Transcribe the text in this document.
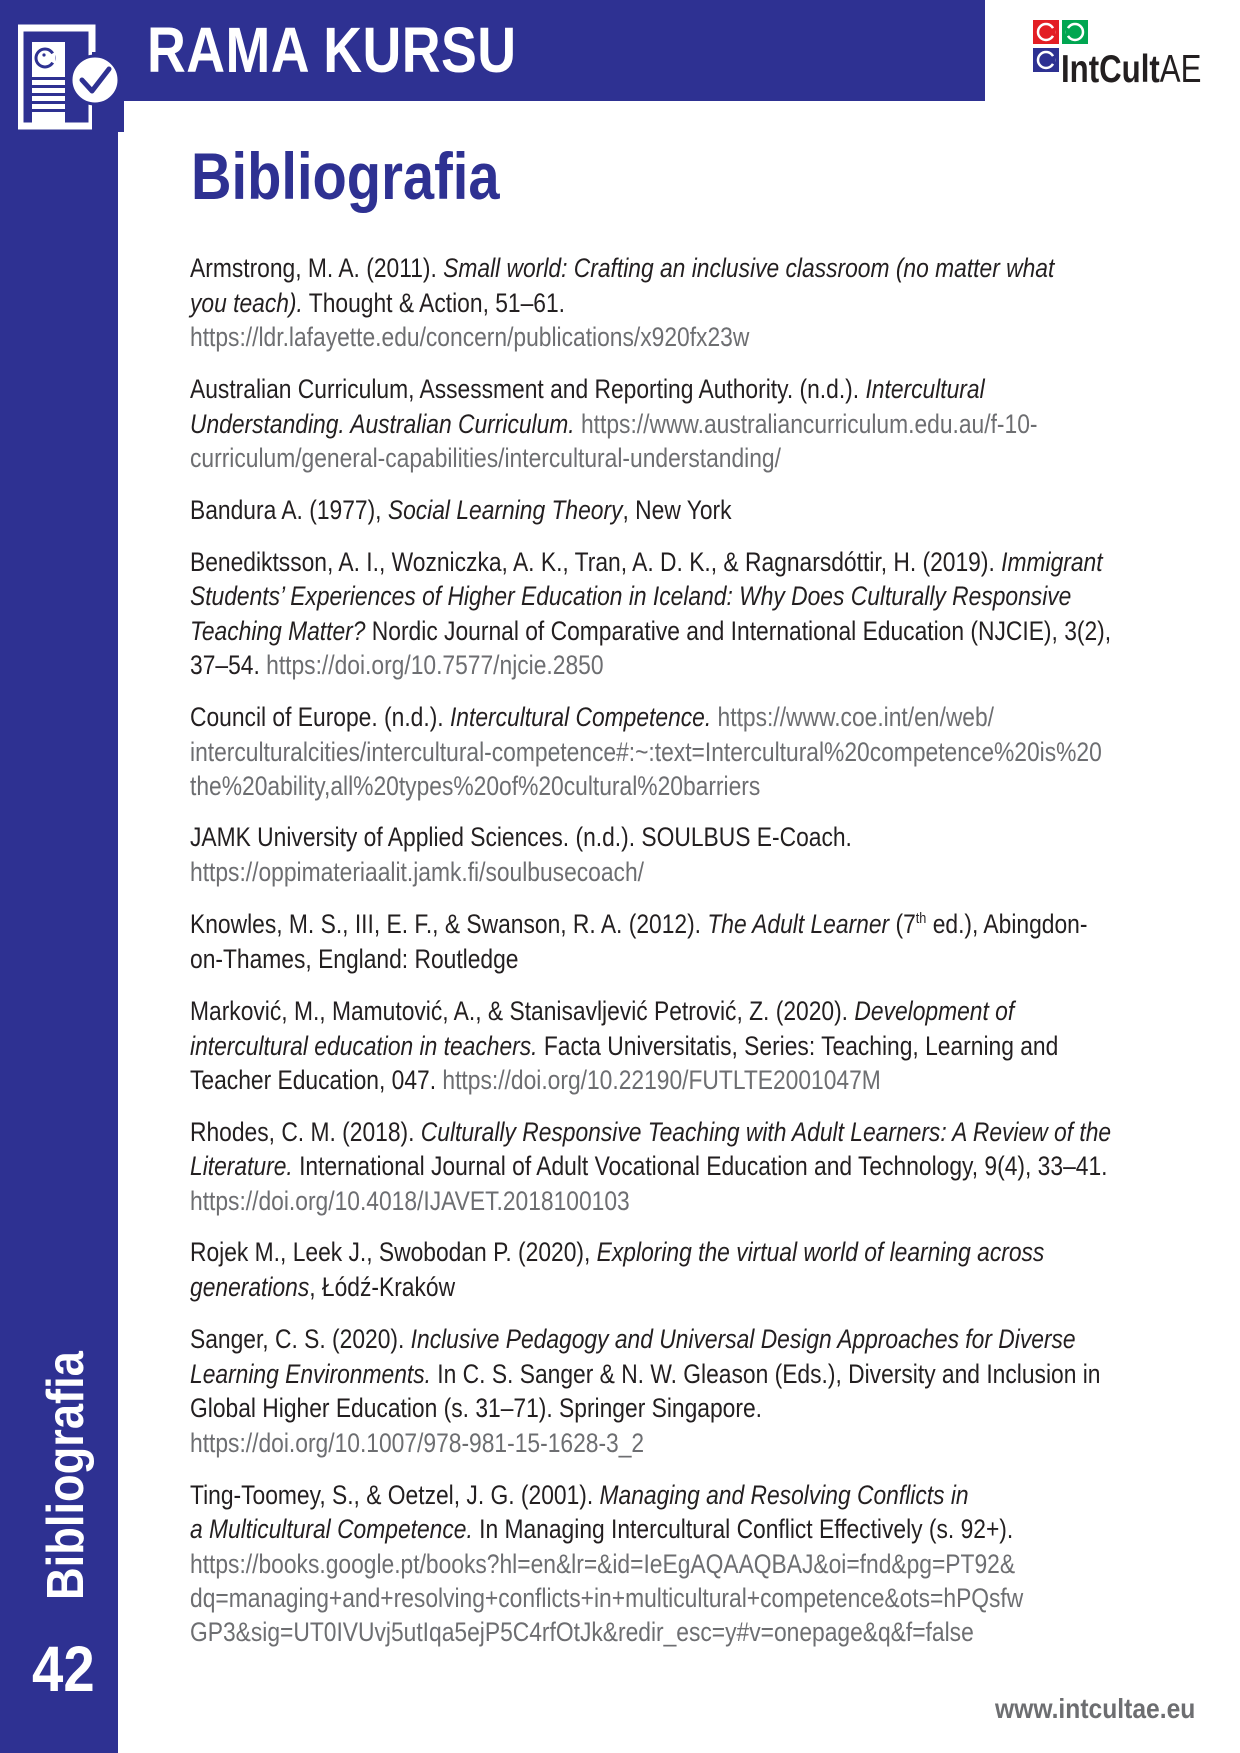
RAMA KURSU	IntCultAE
Bibliografia
Armstrong, M. A. (2011). Small world: Crafting an inclusive classroom (no matter what
you teach). Thought & Action, 51–61.
https://ldr.lafayette.edu/concern/publications/x920fx23w
Australian Curriculum, Assessment and Reporting Authority. (n.d.). Intercultural
Understanding. Australian Curriculum. https://www.australiancurriculum.edu.au/f-10-
curriculum/general-capabilities/intercultural-understanding/
Bandura A. (1977), Social Learning Theory, New York
Benediktsson, A. I., Wozniczka, A. K., Tran, A. D. K., & Ragnarsdóttir, H. (2019). Immigrant
Students’ Experiences of Higher Education in Iceland: Why Does Culturally Responsive
Teaching Matter? Nordic Journal of Comparative and International Education (NJCIE), 3(2),
37–54. https://doi.org/10.7577/njcie.2850
Council of Europe. (n.d.). Intercultural Competence. https://www.coe.int/en/web/
interculturalcities/intercultural-competence#:~:text=Intercultural%20competence%20is%20
the%20ability,all%20types%20of%20cultural%20barriers
JAMK University of Applied Sciences. (n.d.). SOULBUS E-Coach.
https://oppimateriaalit.jamk.fi/soulbusecoach/
Knowles, M. S., III, E. F., & Swanson, R. A. (2012). The Adult Learner (7th ed.), Abingdon-
on-Thames, England: Routledge
Marković, M., Mamutović, A., & Stanisavljević Petrović, Z. (2020). Development of
intercultural education in teachers. Facta Universitatis, Series: Teaching, Learning and
Teacher Education, 047. https://doi.org/10.22190/FUTLTE2001047M
Rhodes, C. M. (2018). Culturally Responsive Teaching with Adult Learners: A Review of the
Literature. International Journal of Adult Vocational Education and Technology, 9(4), 33–41.
https://doi.org/10.4018/IJAVET.2018100103
Rojek M., Leek J., Swobodan P. (2020), Exploring the virtual world of learning across
generations, Łódź-Kraków
Sanger, C. S. (2020). Inclusive Pedagogy and Universal Design Approaches for Diverse
Learning Environments. In C. S. Sanger & N. W. Gleason (Eds.), Diversity and Inclusion in
Global Higher Education (s. 31–71). Springer Singapore.
https://doi.org/10.1007/978-981-15-1628-3_2
Ting-Toomey, S., & Oetzel, J. G. (2001). Managing and Resolving Conflicts in
a Multicultural Competence. In Managing Intercultural Conflict Effectively (s. 92+).
https://books.google.pt/books?hl=en&lr=&id=IeEgAQAAQBAJ&oi=fnd&pg=PT92&
dq=managing+and+resolving+conflicts+in+multicultural+competence&ots=hPQsfw
GP3&sig=UT0IVUvj5utIqa5ejP5C4rfOtJk&redir_esc=y#v=onepage&q&f=false
Bibliografia
42
www.intcultae.eu
